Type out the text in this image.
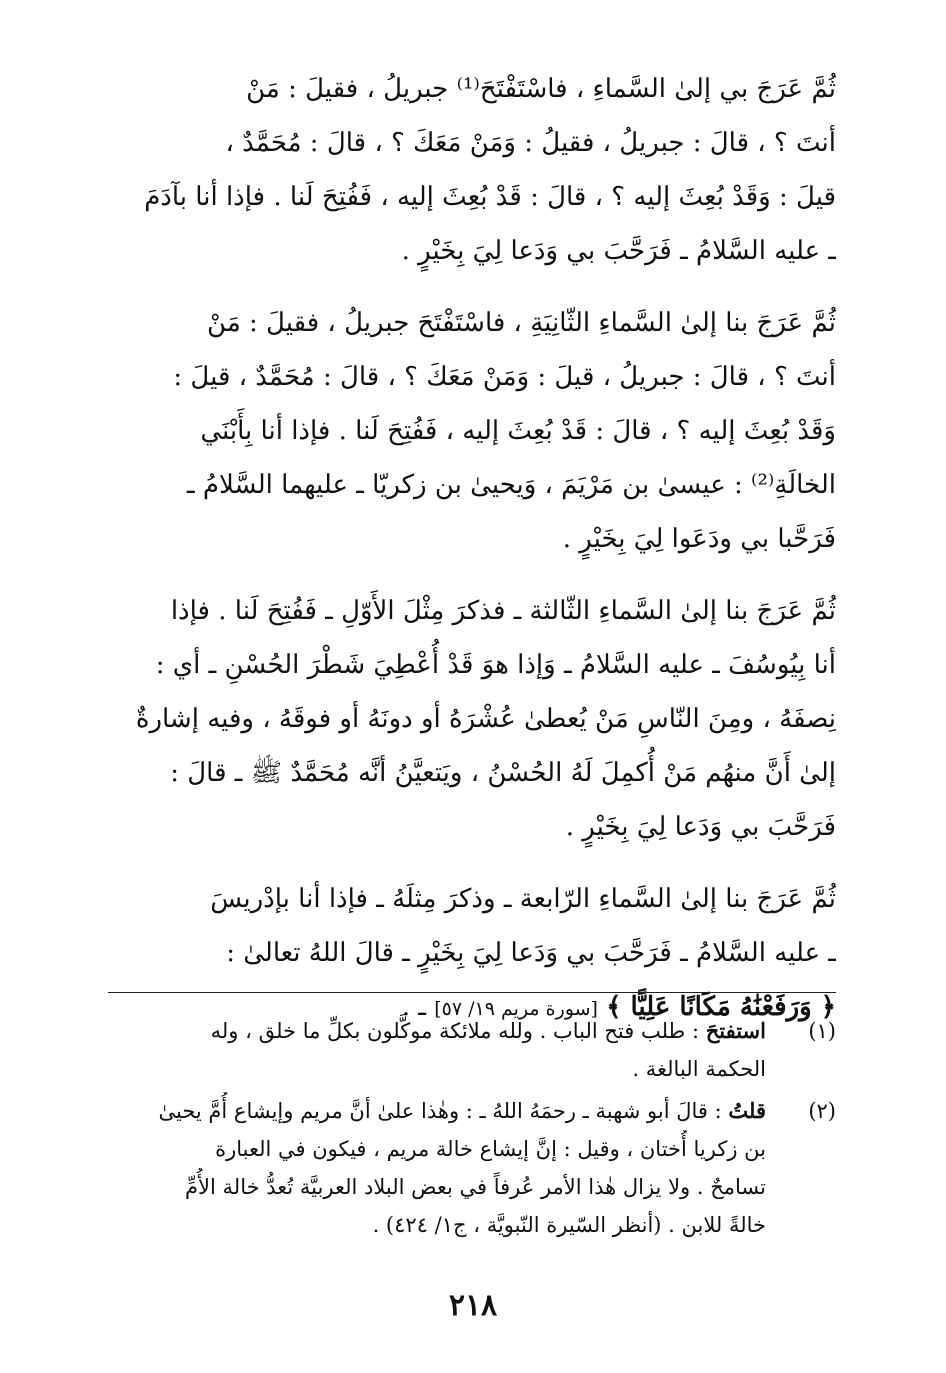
ثُمَّ عَرَجَ بي إلىٰ السَّماءِ ، فاسْتَفْتَحَ⁽¹⁾ جبريلُ ، فقيلَ : مَنْ
أنتَ ؟ ، قالَ : جبريلُ ، فقيلُ : وَمَنْ مَعَكَ ؟ ، قالَ : مُحَمَّدٌ ،
قيلَ : وَقَدْ بُعِثَ إليه ؟ ، قالَ : قَدْ بُعِثَ إليه ، فَفُتِحَ لَنا . فإذا أنا بآدَمَ
ـ عليه السَّلامُ ـ فَرَحَّبَ بي وَدَعا لِيَ بِخَيْرٍ .

ثُمَّ عَرَجَ بنا إلىٰ السَّماءِ الثّانِيَةِ ، فاسْتَفْتَحَ جبريلُ ، فقيلَ : مَنْ
أنتَ ؟ ، قالَ : جبريلُ ، قيلَ : وَمَنْ مَعَكَ ؟ ، قالَ : مُحَمَّدٌ ، قيلَ :
وَقَدْ بُعِثَ إليه ؟ ، قالَ : قَدْ بُعِثَ إليه ، فَفُتِحَ لَنا . فإذا أنا بِأَبْنَي
الخالَةِ⁽²⁾ : عيسىٰ بن مَرْيَمَ ، وَيحيىٰ بن زكريّا ـ عليهما السَّلامُ ـ
فَرَحَّبا بي ودَعَوا لِيَ بِخَيْرٍ .

ثُمَّ عَرَجَ بنا إلىٰ السَّماءِ الثّالثة ـ فذكرَ مِثْلَ الأَوّلِ ـ فَفُتِحَ لَنا . فإذا
أنا بِيُوسُفَ ـ عليه السَّلامُ ـ وَإذا هوَ قَدْ أُعْطِيَ شَطْرَ الحُسْنِ ـ أي :
نِصفَهُ ، ومِنَ النّاسِ مَنْ يُعطىٰ عُشْرَهُ أو دونَهُ أو فوقَهُ ، وفيه إشارةٌ
إلىٰ أَنَّ منهُم مَنْ أُكمِلَ لَهُ الحُسْنُ ، ويَتعيَّنُ أنَّه مُحَمَّدٌ ﷺ ـ قالَ :
فَرَحَّبَ بي وَدَعا لِيَ بِخَيْرٍ .

ثُمَّ عَرَجَ بنا إلىٰ السَّماءِ الرّابعة ـ وذكرَ مِثلَهُ ـ فإذا أنا بإدْريسَ
ـ عليه السَّلامُ ـ فَرَحَّبَ بي وَدَعا لِيَ بِخَيْرٍ ـ قالَ اللهُ تعالىٰ :
﴿ وَرَفَعْنَٰهُ مَكَانًا عَلِيًّا ﴾ [سورة مريم ١٩/ ٥٧] ـ .

(١)
استفتحَ : طلب فتح الباب . ولله ملائكة موكَّلون بكلِّ ما خلق ، وله
الحكمة البالغة .
(٢)
قلتُ : قالَ أبو شهبة ـ رحمَهُ اللهُ ـ : وهٰذا علىٰ أنَّ مريم وإيشاع أُمَّ يحيىٰ
بن زكريا أُختان ، وقيل : إنَّ إيشاع خالة مريم ، فيكون في العبارة
تسامحٌ . ولا يزال هٰذا الأمر عُرفاً في بعض البلاد العربيَّة تُعدُّ خالة الأُمِّ
خالةً للابن . (أنظر السّيرة النّبويَّة ، ج١/ ٤٢٤) .
٢١٨
